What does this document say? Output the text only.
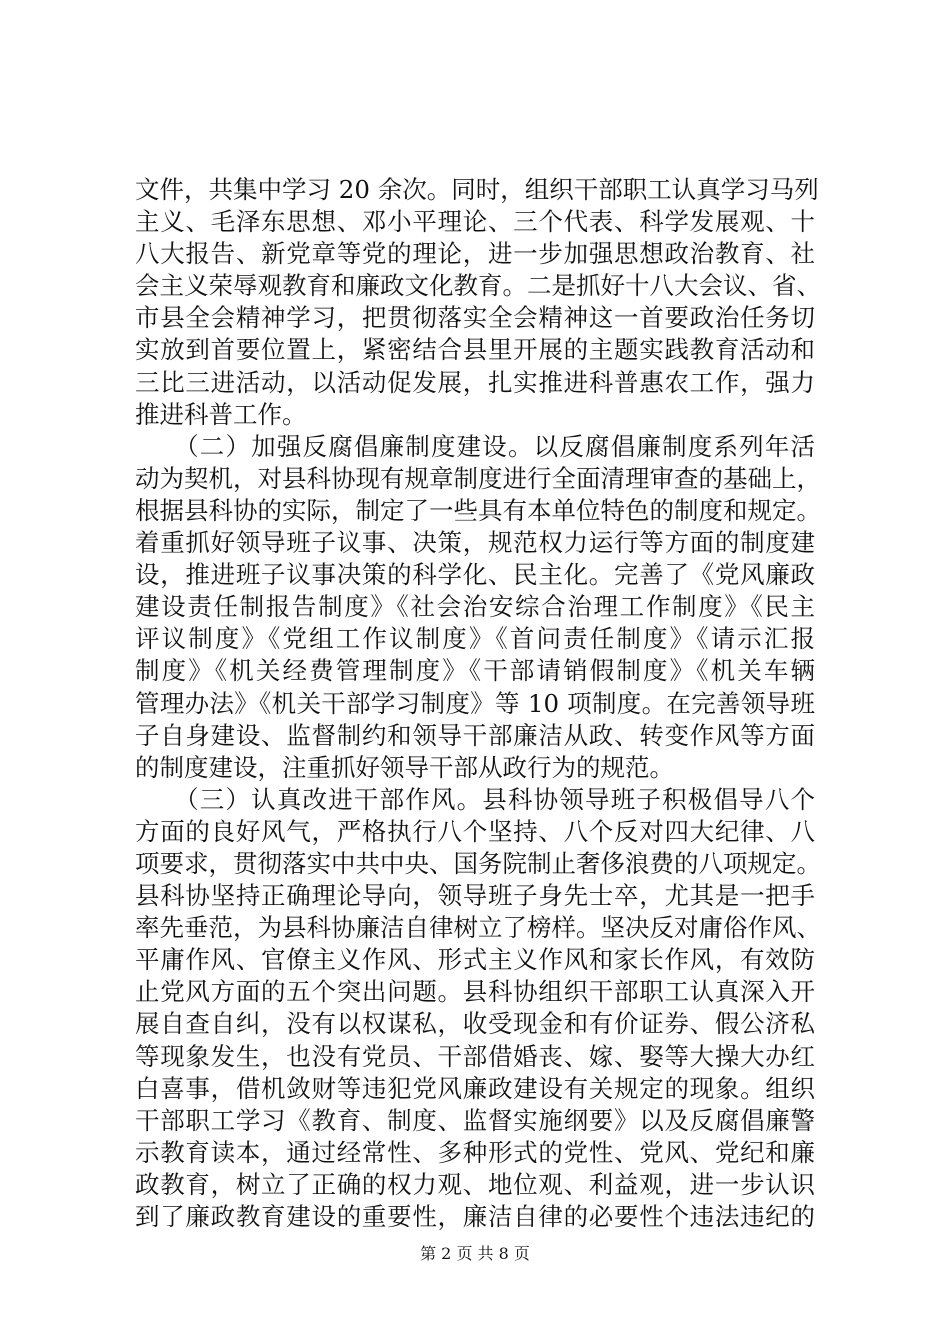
文件，共集中学习 20 余次。同时，组织干部职工认真学习马列
主义、毛泽东思想、邓小平理论、三个代表、科学发展观、十
八大报告、新党章等党的理论，进一步加强思想政治教育、社
会主义荣辱观教育和廉政文化教育。二是抓好十八大会议、省、
市县全会精神学习，把贯彻落实全会精神这一首要政治任务切
实放到首要位置上，紧密结合县里开展的主题实践教育活动和
三比三进活动，以活动促发展，扎实推进科普惠农工作，强力
推进科普工作。
　　（二）加强反腐倡廉制度建设。以反腐倡廉制度系列年活
动为契机，对县科协现有规章制度进行全面清理审查的基础上，
根据县科协的实际，制定了一些具有本单位特色的制度和规定。
着重抓好领导班子议事、决策，规范权力运行等方面的制度建
设，推进班子议事决策的科学化、民主化。完善了《党风廉政
建设责任制报告制度》《社会治安综合治理工作制度》《民主
评议制度》《党组工作议制度》《首问责任制度》《请示汇报
制度》《机关经费管理制度》《干部请销假制度》《机关车辆
管理办法》《机关干部学习制度》等 10 项制度。在完善领导班
子自身建设、监督制约和领导干部廉洁从政、转变作风等方面
的制度建设，注重抓好领导干部从政行为的规范。
　　（三）认真改进干部作风。县科协领导班子积极倡导八个
方面的良好风气，严格执行八个坚持、八个反对四大纪律、八
项要求，贯彻落实中共中央、国务院制止奢侈浪费的八项规定。
县科协坚持正确理论导向，领导班子身先士卒，尤其是一把手
率先垂范，为县科协廉洁自律树立了榜样。坚决反对庸俗作风、
平庸作风、官僚主义作风、形式主义作风和家长作风，有效防
止党风方面的五个突出问题。县科协组织干部职工认真深入开
展自查自纠，没有以权谋私，收受现金和有价证券、假公济私
等现象发生，也没有党员、干部借婚丧、嫁、娶等大操大办红
白喜事，借机敛财等违犯党风廉政建设有关规定的现象。组织
干部职工学习《教育、制度、监督实施纲要》以及反腐倡廉警
示教育读本，通过经常性、多种形式的党性、党风、党纪和廉
政教育，树立了正确的权力观、地位观、利益观，进一步认识
到了廉政教育建设的重要性，廉洁自律的必要性个违法违纪的
第 2 页 共 8 页
